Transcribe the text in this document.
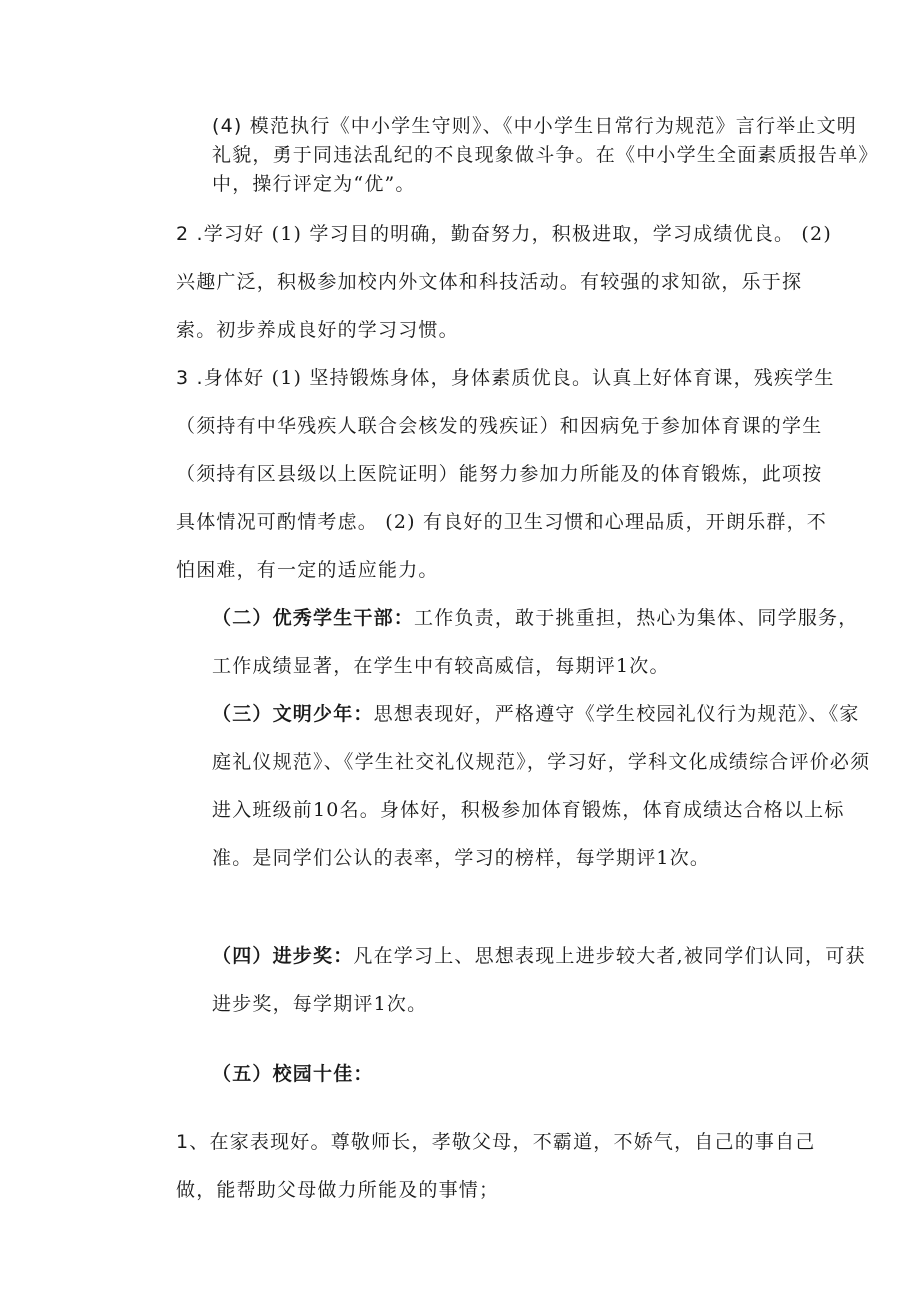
(4) 模范执行《中小学生守则》、《中小学生日常行为规范》言行举止文明礼貌，勇于同违法乱纪的不良现象做斗争。在《中小学生全面素质报告单》中，操行评定为“优”。

2 .学习好 (1) 学习目的明确，勤奋努力，积极进取，学习成绩优良。 (2) 兴趣广泛，积极参加校内外文体和科技活动。有较强的求知欲，乐于探索。初步养成良好的学习习惯。

3 .身体好 (1) 坚持锻炼身体，身体素质优良。认真上好体育课，残疾学生（须持有中华残疾人联合会核发的残疾证）和因病免于参加体育课的学生（须持有区县级以上医院证明）能努力参加力所能及的体育锻炼，此项按具体情况可酌情考虑。 (2) 有良好的卫生习惯和心理品质，开朗乐群，不怕困难，有一定的适应能力。

（二）优秀学生干部：工作负责，敢于挑重担，热心为集体、同学服务，工作成绩显著，在学生中有较高威信，每期评1次。

（三）文明少年：思想表现好，严格遵守《学生校园礼仪行为规范》、《家庭礼仪规范》、《学生社交礼仪规范》，学习好，学科文化成绩综合评价必须进入班级前10名。身体好，积极参加体育锻炼，体育成绩达合格以上标准。是同学们公认的表率，学习的榜样，每学期评1次。

（四）进步奖：凡在学习上、思想表现上进步较大者,被同学们认同，可获进步奖，每学期评1次。

（五）校园十佳：

1、在家表现好。尊敬师长，孝敬父母，不霸道，不娇气，自己的事自己做，能帮助父母做力所能及的事情；
